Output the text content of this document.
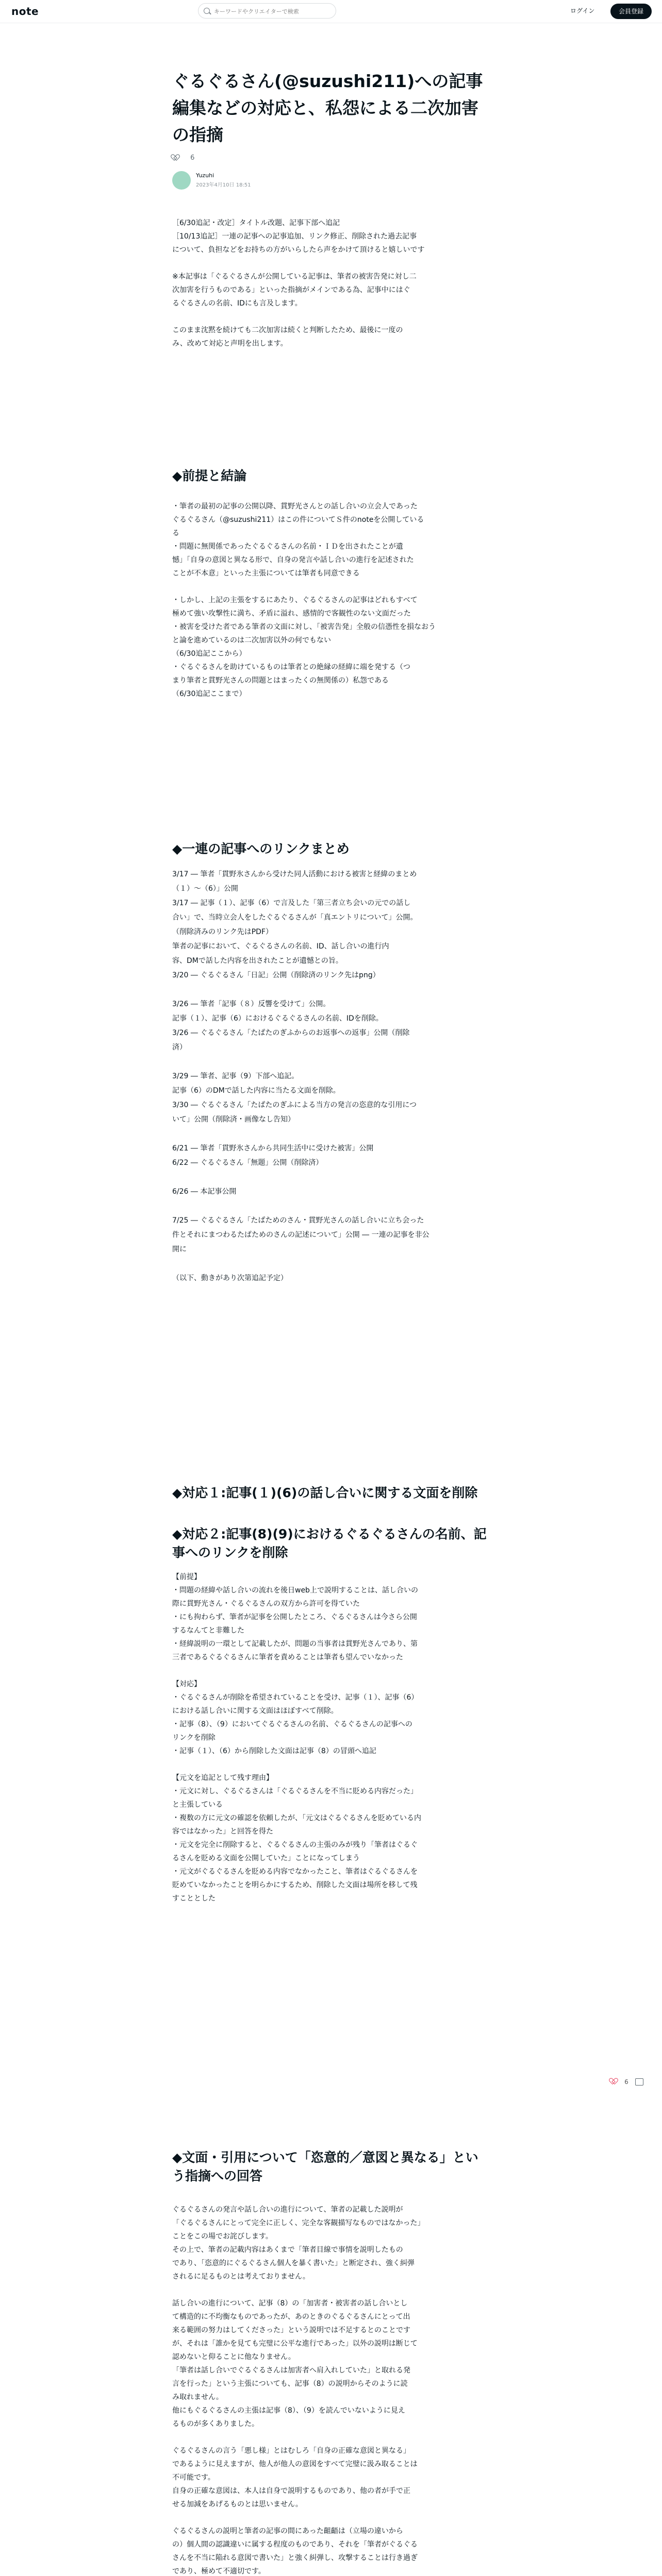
note
キーワードやクリエイターで検索	ログイン	会員登録
ぐるぐるさん(@suzushi211)への記事編集などの対応と、私怨による二次加害の指摘
6
Yuzuhi
2023年4月10日 18:51

［6/30追記・改定］タイトル改題、記事下部へ追記

［10/13追記］一連の記事への記事追加、リンク修正、削除された過去記事

について、負担などをお持ちの方がいらしたら声をかけて頂けると嬉しいです

※本記事は「ぐるぐるさんが公開している記事は、筆者の被害告発に対し二

次加害を行うものである」といった指摘がメインである為、記事中にはぐ

るぐるさんの名前、IDにも言及します。

このまま沈黙を続けても二次加害は続くと判断したため、最後に一度の

み、改めて対応と声明を出します。

◆前提と結論

・筆者の最初の記事の公開以降、貫野光さんとの話し合いの立会人であった

ぐるぐるさん（@suzushi211）はこの件についてＳ件のnoteを公開している

る

・問題に無関係であったぐるぐるさんの名前・ＩＤを出されたことが遺

憾」「自身の意図と異なる形で、自身の発言や話し合いの進行を記述された

ことが不本意」といった主張については筆者も同意できる

・しかし、上記の主張をするにあたり、ぐるぐるさんの記事はどれもすべて

極めて強い攻撃性に満ち、矛盾に溢れ、感情的で客観性のない文面だった

・被害を受けた者である筆者の文面に対し、「被害告発」全般の信憑性を損なおう

と論を進めているのは二次加害以外の何でもない

（6/30追記ここから）

・ぐるぐるさんを助けているものは筆者との絶縁の経緯に端を発する（つ

まり筆者と貫野光さんの問題とはまったくの無関係の）私怨である

（6/30追記ここまで）

◆一連の記事へのリンクまとめ

3/17 ― 筆者「貫野氷さんから受けた同人活動における被害と経緯のまとめ

（１）〜（6）」公開

3/17 ― 記事（１）、記事（6）で言及した「第三者立ち会いの元での話し

合い」で、当時立会人をしたぐるぐるさんが「真エントリについて」公開。

（削除済みのリンク先はPDF）

筆者の記事において、ぐるぐるさんの名前、ID、話し合いの進行内

容、DMで話した内容を出されたことが遺憾との旨。

3/20 ― ぐるぐるさん「日記」公開（削除済のリンク先はpng）

3/26 ― 筆者「記事（８）反響を受けて」公開。

記事（１）、記事（6）におけるぐるぐるさんの名前、IDを削除。

3/26 ― ぐるぐるさん「たぱたのぎふからのお返事への返事」公開（削除

済）

3/29 ― 筆者、記事（9）下部へ追記。

記事（6）のDMで話した内容に当たる文面を削除。

3/30 ― ぐるぐるさん「たぱたのぎふによる当方の発言の恣意的な引用につ

いて」公開（削除済・画像なし告知）

6/21 ― 筆者「貫野氷さんから共同生活中に受けた被害」公開

6/22 ― ぐるぐるさん「無題」公開（削除済）

6/26 ― 本記事公開

7/25 ― ぐるぐるさん「たぱためのさん・貫野光さんの話し合いに立ち会った

件とそれにまつわるたぱためのさんの記述について」公開 ― 一連の記事を非公

開に

（以下、動きがあり次第追記予定）

◆対応１:記事(１)(6)の話し合いに関する文面を削除
◆対応２:記事(8)(9)におけるぐるぐるさんの名前、記事へのリンクを削除

【前提】

・問題の経緯や話し合いの流れを後日web上で説明することは、話し合いの

際に貫野光さん・ぐるぐるさんの双方から許可を得ていた

・にも拘わらず、筆者が記事を公開したところ、ぐるぐるさんは今さら公開

するなんてと非難した

・経緯説明の一環として記載したが、問題の当事者は貫野光さんであり、第

三者であるぐるぐるさんに筆者を責めることは筆者も望んでいなかった

【対応】

・ぐるぐるさんが削除を希望されていることを受け、記事（１）、記事（6）

における話し合いに関する文面はほぼすべて削除。

・記事（8）、（9）においてぐるぐるさんの名前、ぐるぐるさんの記事への

リンクを削除

・記事（１）、（6）から削除した文面は記事（8）の冒頭へ追記

【元文を追記として残す理由】

・元文に対し、ぐるぐるさんは「ぐるぐるさんを不当に貶める内容だった」

と主張している

・複数の方に元文の確認を依頼したが、「元文はぐるぐるさんを貶めている内

容ではなかった」と回答を得た

・元文を完全に削除すると、ぐるぐるさんの主張のみが残り「筆者はぐるぐ

るさんを貶める文面を公開していた」ことになってしまう

・元文がぐるぐるさんを貶める内容でなかったこと、筆者はぐるぐるさんを

貶めていなかったことを明らかにするため、削除した文面は場所を移して残

すこととした

◆文面・引用について「恣意的／意図と異なる」という指摘への回答

ぐるぐるさんの発言や話し合いの進行について、筆者の記載した説明が

「ぐるぐるさんにとって完全に正しく、完全な客観描写なものではなかった」

ことをこの場でお詫びします。

その上で、筆者の記載内容はあくまで「筆者目線で事情を説明したもの

であり、「恣意的にぐるぐるさん個人を暴く書いた」と断定され、強く糾弾

されるに足るものとは考えておりません。

話し合いの進行について、記事（8）の「加害者・被害者の話し合いとし

て構造的に不均衡なものであったが、あのときのぐるぐるさんにとって出

来る範囲の努力はしてくださった」という説明では不足するとのことです

が、それは「誰かを見ても完璧に公平な進行であった」以外の説明は断じて

認めないと仰ることに他なりません。

「筆者は話し合いでぐるぐるさんは加害者へ肩入れしていた」と取れる発

言を行った」という主張についても、記事（8）の説明からそのように読

み取れません。

他にもぐるぐるさんの主張は記事（8）、（9）を読んでいないように見え

るものが多くありました。

ぐるぐるさんの言う「悪し様」とはむしろ「自身の正確な意図と異なる」

であるように見えますが、他人が他人の意図をすべて完璧に汲み取ることは

不可能です。

自身の正確な意図は、本人は自身で説明するものであり、他の者が手で正

せる加減をあげるものとは思いません。

ぐるぐるさんの説明と筆者の記事の間にあった齟齬は（立場の違いから

の）個人間の認識違いに属する程度のものであり、それを「筆者がぐるぐる

さんを不当に陥れる意図で書いた」と強く糾弾し、攻撃することは行き過ぎ

であり、極めて不適切です。

6
